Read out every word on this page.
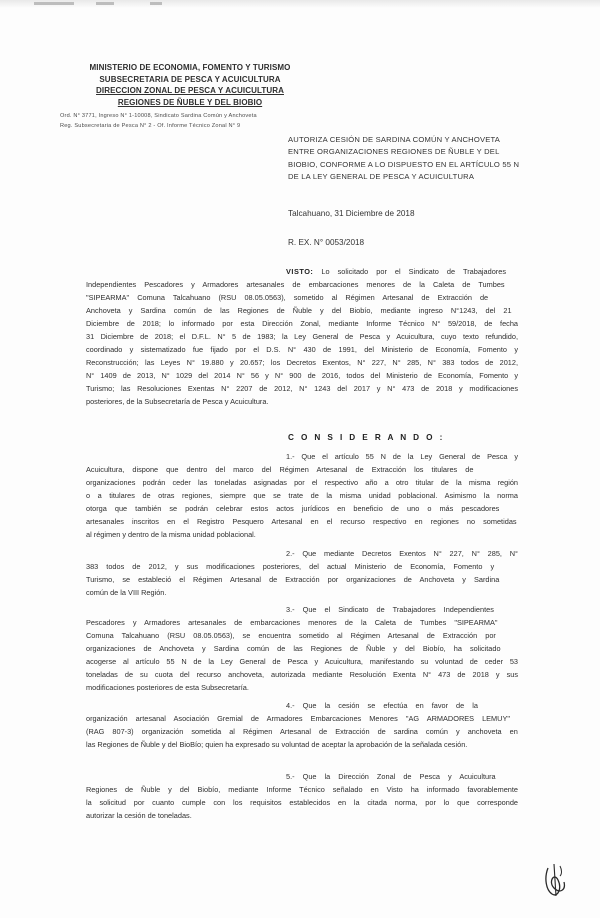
MINISTERIO DE ECONOMIA, FOMENTO Y TURISMO
SUBSECRETARIA DE PESCA Y ACUICULTURA
DIRECCION ZONAL DE PESCA Y ACUICULTURA
REGIONES DE ÑUBLE Y DEL BIOBIO
Ord. N° 3771, Ingreso N° 1-10008, Sindicato Sardina Común y Anchoveta
Reg. Subsecretaria de Pesca N° 2 - Of. Informe Técnico Zonal N° 9
AUTORIZA CESIÓN DE SARDINA COMÚN Y ANCHOVETA ENTRE ORGANIZACIONES REGIONES DE ÑUBLE Y DEL BIOBIO, CONFORME A LO DISPUESTO EN EL ARTÍCULO 55 N DE LA LEY GENERAL DE PESCA Y ACUICULTURA
Talcahuano, 31 Diciembre de 2018
R. EX. N° 0053/2018
VISTO: Lo solicitado por el Sindicato de Trabajadores
Independientes Pescadores y Armadores artesanales de embarcaciones menores de la Caleta de Tumbes
"SIPEARMA" Comuna Talcahuano (RSU 08.05.0563), sometido al Régimen Artesanal de Extracción de
Anchoveta y Sardina común de las Regiones de Ñuble y del Biobío, mediante ingreso N°1243, del 21
Diciembre de 2018; lo informado por esta Dirección Zonal, mediante Informe Técnico N° 59/2018, de fecha
31 Diciembre de 2018; el D.F.L. N° 5 de 1983; la Ley General de Pesca y Acuicultura, cuyo texto refundido,
coordinado y sistematizado fue fijado por el D.S. N° 430 de 1991, del Ministerio de Economía, Fomento y
Reconstrucción; las Leyes N° 19.880 y 20.657; los Decretos Exentos, N° 227, N° 285, N° 383 todos de 2012,
N° 1409 de 2013, N° 1029 del 2014 N° 56 y N° 900 de 2016, todos del Ministerio de Economía, Fomento y
Turismo; las Resoluciones Exentas N° 2207 de 2012, N° 1243 del 2017 y N° 473 de 2018 y modificaciones
posteriores, de la Subsecretaría de Pesca y Acuicultura.
C O N S I D E R A N D O :
1.- Que el artículo 55 N de la Ley General de Pesca y
Acuicultura, dispone que dentro del marco del Régimen Artesanal de Extracción los titulares de
organizaciones podrán ceder las toneladas asignadas por el respectivo año a otro titular de la misma región
o a titulares de otras regiones, siempre que se trate de la misma unidad poblacional. Asimismo la norma
otorga que también se podrán celebrar estos actos jurídicos en beneficio de uno o más pescadores
artesanales inscritos en el Registro Pesquero Artesanal en el recurso respectivo en regiones no sometidas
al régimen y dentro de la misma unidad poblacional.
2.- Que mediante Decretos Exentos N° 227, N° 285, N°
383 todos de 2012, y sus modificaciones posteriores, del actual Ministerio de Economía, Fomento y
Turismo, se estableció el Régimen Artesanal de Extracción por organizaciones de Anchoveta y Sardina
común de la VIII Región.
3.- Que el Sindicato de Trabajadores Independientes
Pescadores y Armadores artesanales de embarcaciones menores de la Caleta de Tumbes "SIPEARMA"
Comuna Talcahuano (RSU 08.05.0563), se encuentra sometido al Régimen Artesanal de Extracción por
organizaciones de Anchoveta y Sardina común de las Regiones de Ñuble y del Biobío, ha solicitado
acogerse al artículo 55 N de la Ley General de Pesca y Acuicultura, manifestando su voluntad de ceder 53
toneladas de su cuota del recurso anchoveta, autorizada mediante Resolución Exenta N° 473 de 2018 y sus
modificaciones posteriores de esta Subsecretaría.
4.- Que la cesión se efectúa en favor de la
organización artesanal Asociación Gremial de Armadores Embarcaciones Menores "AG ARMADORES LEMUY"
(RAG 807-3) organización sometida al Régimen Artesanal de Extracción de sardina común y anchoveta en
las Regiones de Ñuble y del BioBío; quien ha expresado su voluntad de aceptar la aprobación de la señalada cesión.
5.- Que la Dirección Zonal de Pesca y Acuicultura
Regiones de Ñuble y del Biobío, mediante Informe Técnico señalado en Visto ha informado favorablemente
la solicitud por cuanto cumple con los requisitos establecidos en la citada norma, por lo que corresponde
autorizar la cesión de toneladas.
